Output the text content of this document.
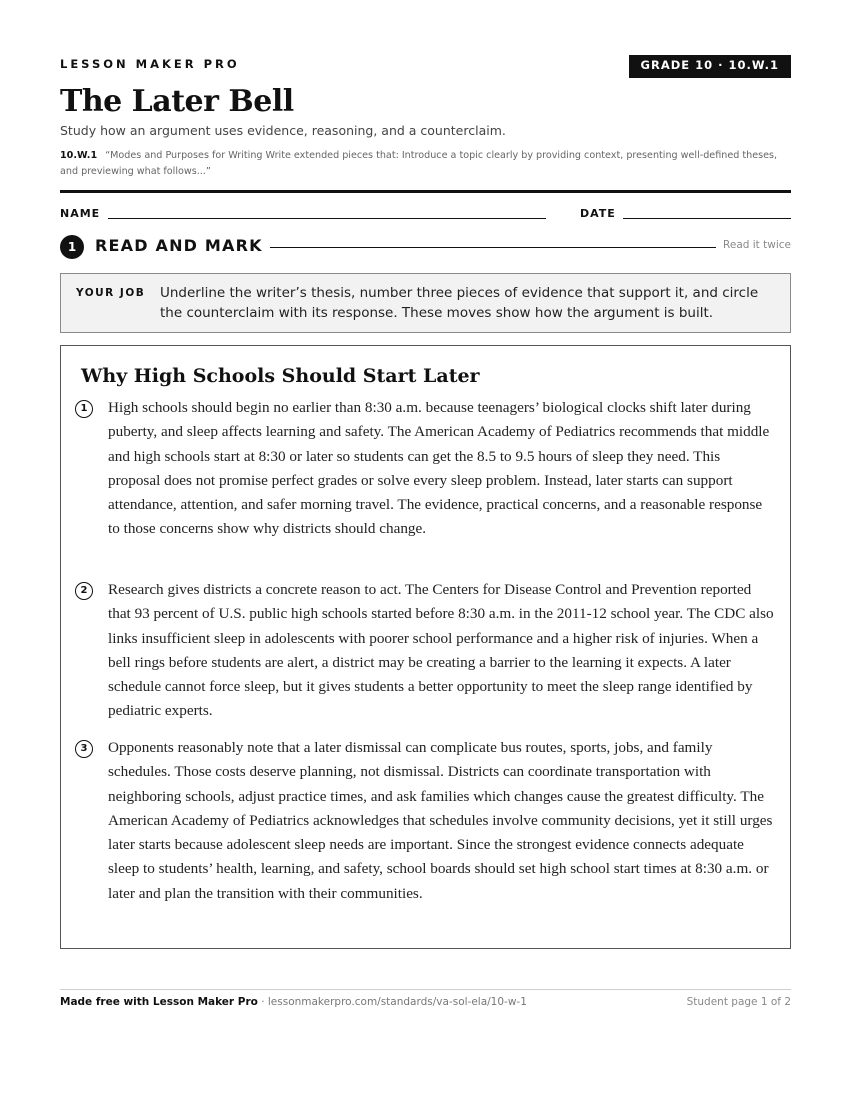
LESSON MAKER PRO	GRADE 10 · 10.W.1
The Later Bell
Study how an argument uses evidence, reasoning, and a counterclaim.
10.W.1 “Modes and Purposes for Writing Write extended pieces that: Introduce a topic clearly by providing context, presenting well-defined theses, and previewing what follows...”
NAME	DATE
1	READ AND MARK	Read it twice
YOUR JOB Underline the writer’s thesis, number three pieces of evidence that support it, and circle the counterclaim with its response. These moves show how the argument is built.
Why High Schools Should Start Later
1	High schools should begin no earlier than 8:30 a.m. because teenagers’ biological clocks shift later during puberty, and sleep affects learning and safety. The American Academy of Pediatrics recommends that middle and high schools start at 8:30 or later so students can get the 8.5 to 9.5 hours of sleep they need. This proposal does not promise perfect grades or solve every sleep problem. Instead, later starts can support attendance, attention, and safer morning travel. The evidence, practical concerns, and a reasonable response to those concerns show why districts should change.

2	Research gives districts a concrete reason to act. The Centers for Disease Control and Prevention reported that 93 percent of U.S. public high schools started before 8:30 a.m. in the 2011-12 school year. The CDC also links insufficient sleep in adolescents with poorer school performance and a higher risk of injuries. When a bell rings before students are alert, a district may be creating a barrier to the learning it expects. A later schedule cannot force sleep, but it gives students a better opportunity to meet the sleep range identified by pediatric experts.

3	Opponents reasonably note that a later dismissal can complicate bus routes, sports, jobs, and family schedules. Those costs deserve planning, not dismissal. Districts can coordinate transportation with neighboring schools, adjust practice times, and ask families which changes cause the greatest difficulty. The American Academy of Pediatrics acknowledges that schedules involve community decisions, yet it still urges later starts because adolescent sleep needs are important. Since the strongest evidence connects adequate sleep to students’ health, learning, and safety, school boards should set high school start times at 8:30 a.m. or later and plan the transition with their communities.

Made free with Lesson Maker Pro · lessonmakerpro.com/standards/va-sol-ela/10-w-1	Student page 1 of 2
